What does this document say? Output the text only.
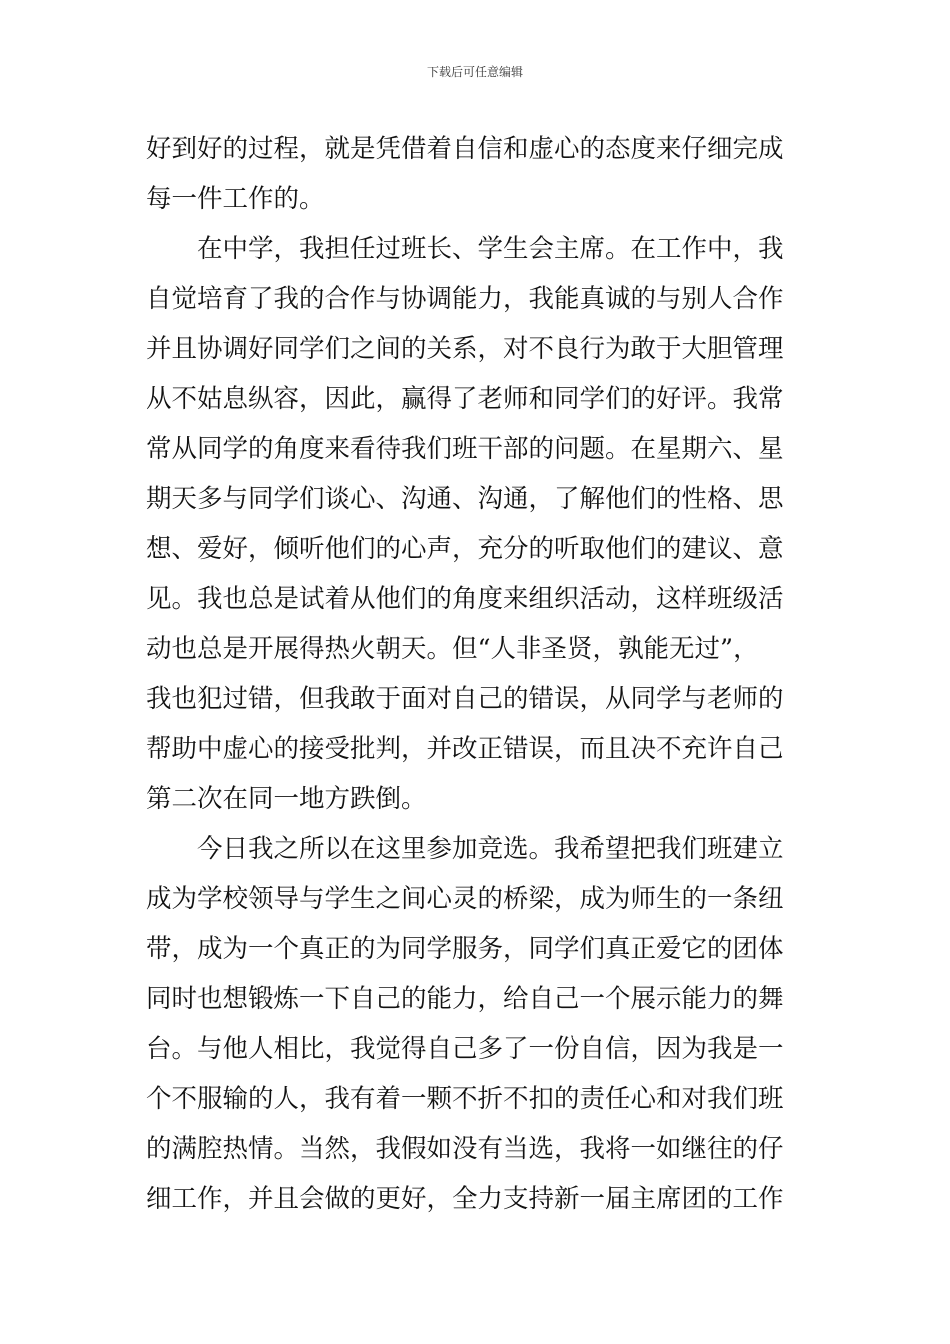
下载后可任意编辑
好到好的过程，就是凭借着自信和虚心的态度来仔细完成
每一件工作的。
在中学，我担任过班长、学生会主席。在工作中，我
自觉培育了我的合作与协调能力，我能真诚的与别人合作
并且协调好同学们之间的关系，对不良行为敢于大胆管理
从不姑息纵容，因此，赢得了老师和同学们的好评。我常
常从同学的角度来看待我们班干部的问题。在星期六、星
期天多与同学们谈心、沟通、沟通，了解他们的性格、思
想、爱好，倾听他们的心声，充分的听取他们的建议、意
见。我也总是试着从他们的角度来组织活动，这样班级活
动也总是开展得热火朝天。但“人非圣贤，孰能无过”，
我也犯过错，但我敢于面对自己的错误，从同学与老师的
帮助中虚心的接受批判，并改正错误，而且决不充许自己
第二次在同一地方跌倒。
今日我之所以在这里参加竞选。我希望把我们班建立
成为学校领导与学生之间心灵的桥梁，成为师生的一条纽
带，成为一个真正的为同学服务，同学们真正爱它的团体
同时也想锻炼一下自己的能力，给自己一个展示能力的舞
台。与他人相比，我觉得自己多了一份自信，因为我是一
个不服输的人，我有着一颗不折不扣的责任心和对我们班
的满腔热情。当然，我假如没有当选，我将一如继往的仔
细工作，并且会做的更好，全力支持新一届主席团的工作
